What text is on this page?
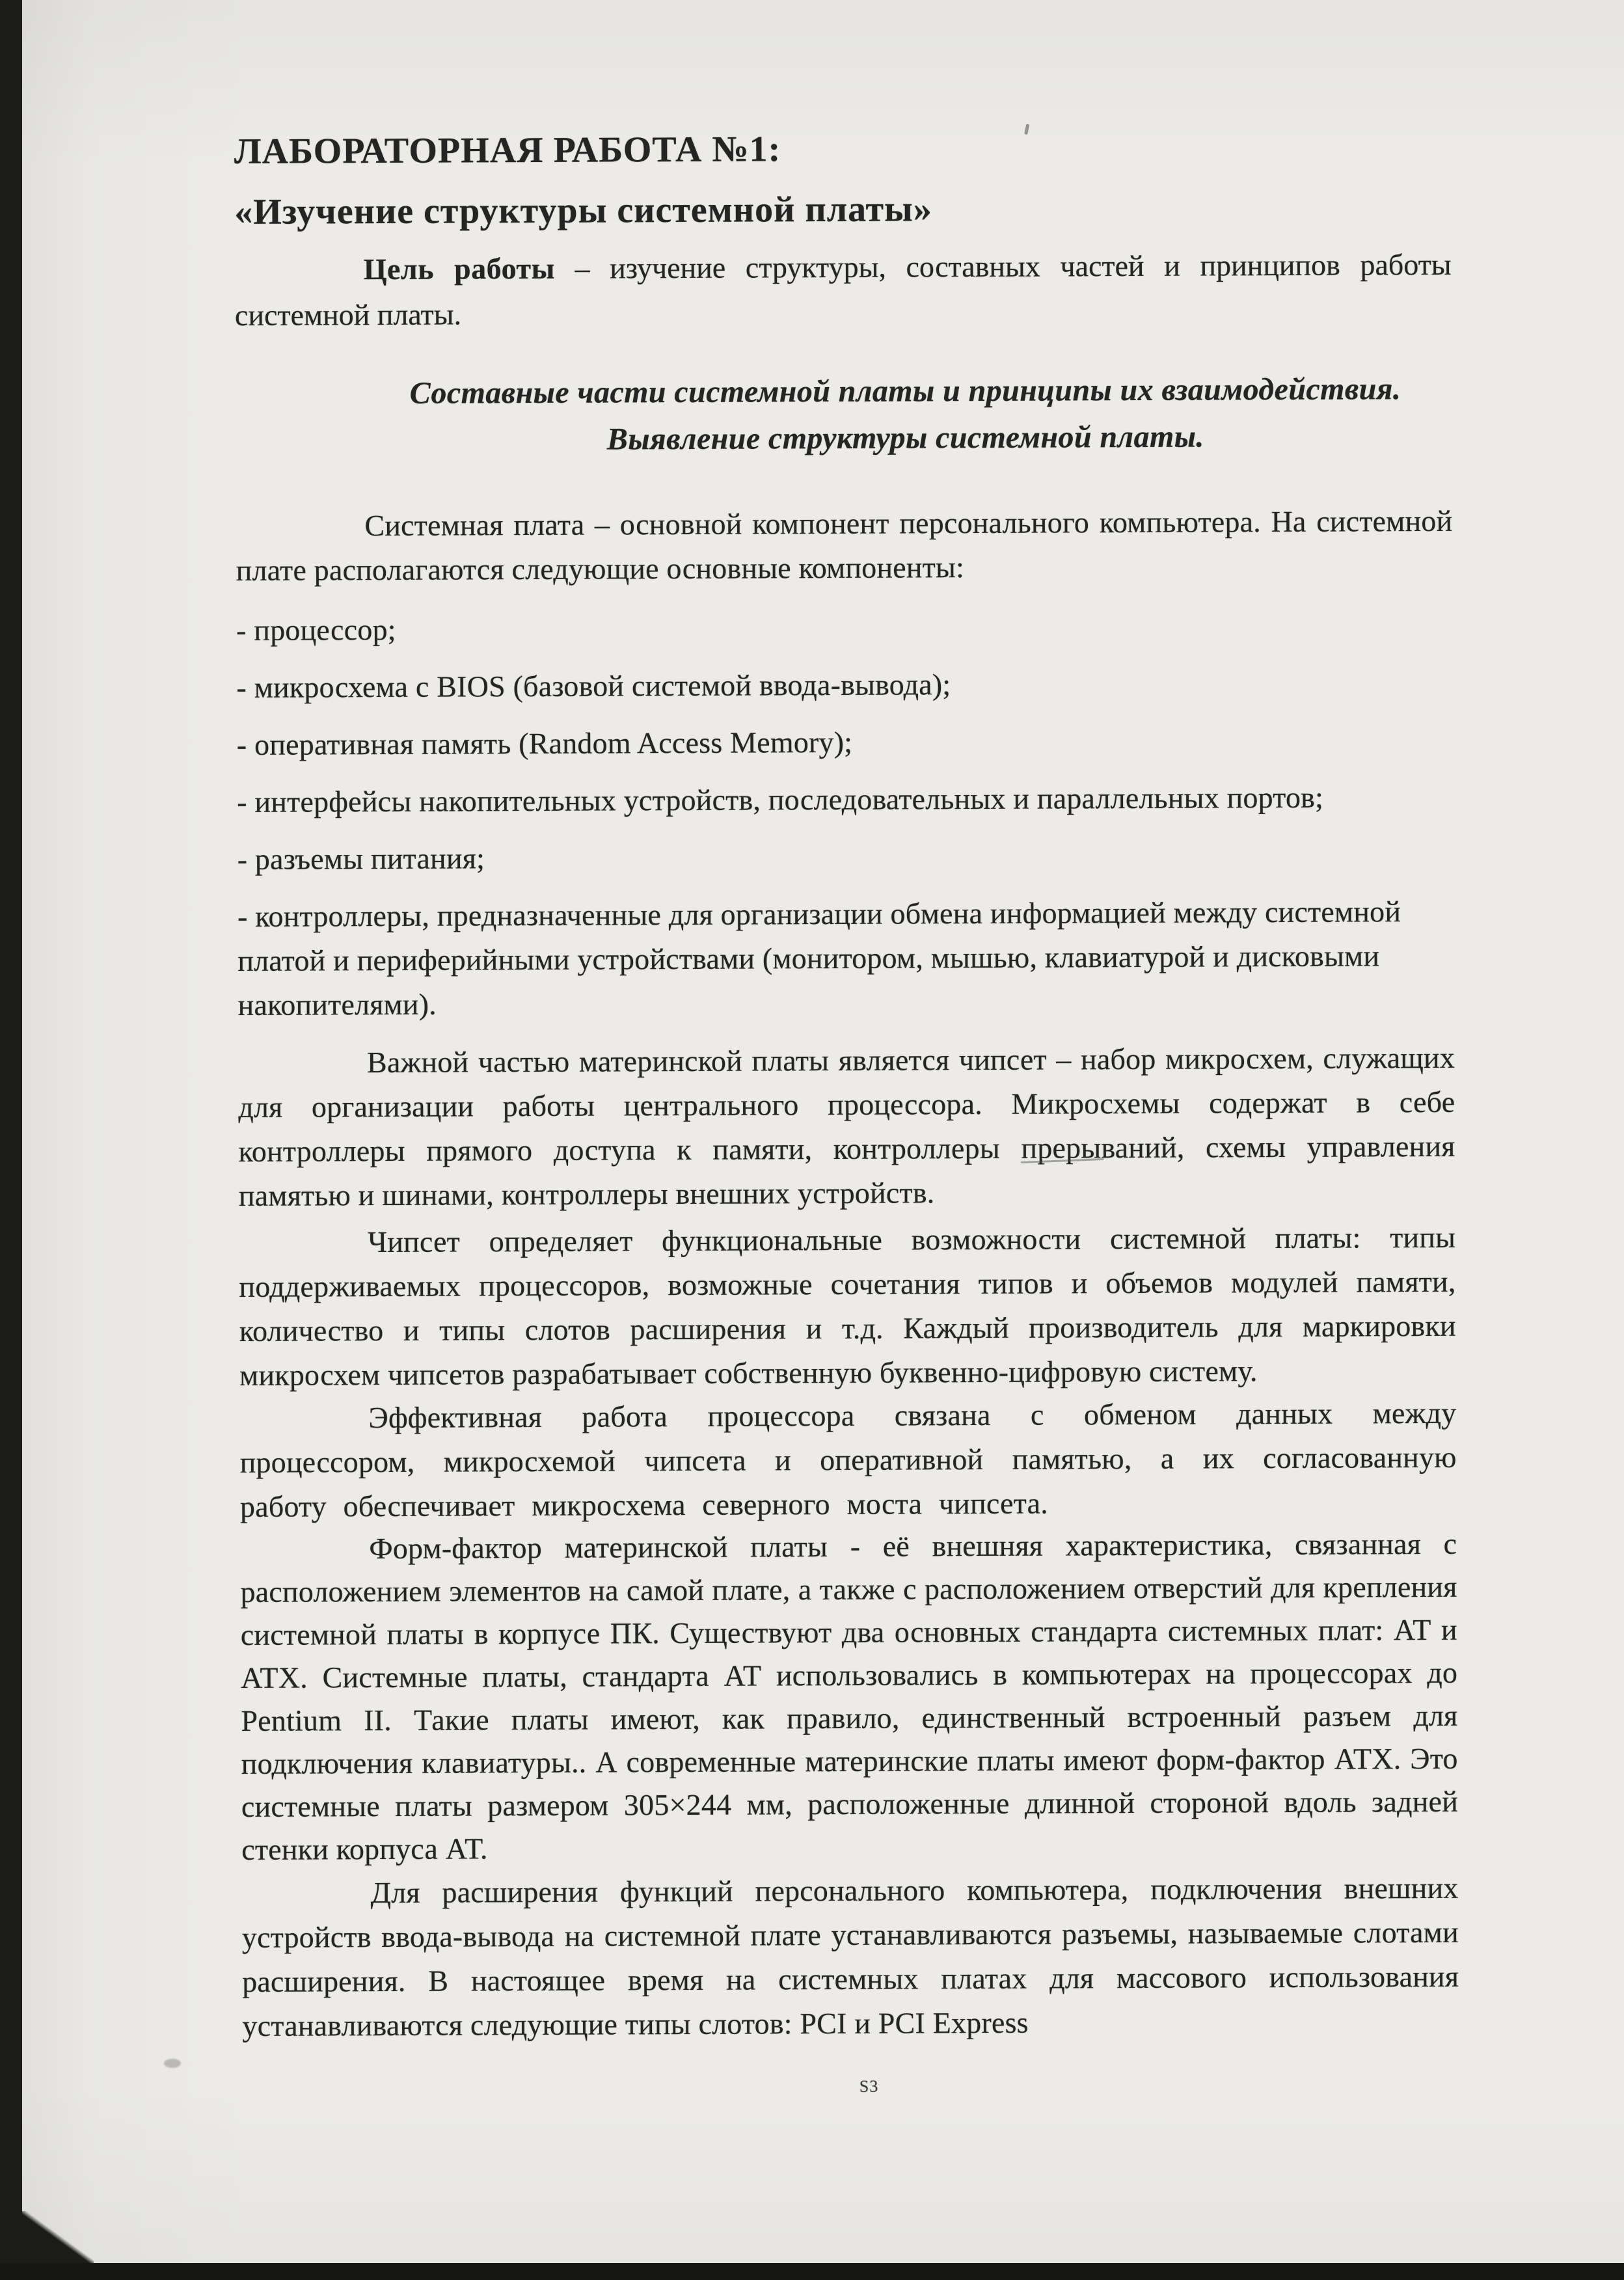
ЛАБОРАТОРНАЯ РАБОТА №1:
«Изучение структуры системной платы»
Цель работы – изучение структуры, составных частей и принципов работы системной платы.
Составные части системной платы и принципы их взаимодействия.
Выявление структуры системной платы.
Системная плата – основной компонент персонального компьютера. На системной плате располагаются следующие основные компоненты:
- процессор;
- микросхема с BIOS (базовой системой ввода-вывода);
- оперативная память (Random Access Memory);
- интерфейсы накопительных устройств, последовательных и параллельных портов;
- разъемы питания;
- контроллеры, предназначенные для организации обмена информацией между системной платой и периферийными устройствами (монитором, мышью, клавиатурой и дисковыми накопителями).
Важной частью материнской платы является чипсет – набор микросхем, служащих для организации работы центрального процессора. Микросхемы содержат в себе контроллеры прямого доступа к памяти, контроллеры прерываний, схемы управления памятью и шинами, контроллеры внешних устройств.
Чипсет определяет функциональные возможности системной платы: типы поддерживаемых процессоров, возможные сочетания типов и объемов модулей памяти, количество и типы слотов расширения и т.д. Каждый производитель для маркировки микросхем чипсетов разрабатывает собственную буквенно-цифровую систему.
Эффективная работа процессора связана с обменом данных между процессором, микросхемой чипсета и оперативной памятью, а их согласованную работу обеспечивает микросхема северного моста чипсета.
Форм-фактор материнской платы - её внешняя характеристика, связанная с расположением элементов на самой плате, а также с расположением отверстий для крепления системной платы в корпусе ПК. Существуют два основных стандарта системных плат: АТ и АТХ. Системные платы, стандарта АТ использовались в компьютерах на процессорах до Pentium II. Такие платы имеют, как правило, единственный встроенный разъем для подключения клавиатуры.. А современные материнские платы имеют форм-фактор АТХ. Это системные платы размером 305×244 мм, расположенные длинной стороной вдоль задней стенки корпуса АТ.
Для расширения функций персонального компьютера, подключения внешних устройств ввода-вывода на системной плате устанавливаются разъемы, называемые слотами расширения. В настоящее время на системных платах для массового использования устанавливаются следующие типы слотов: PCI и PCI Express
S3
